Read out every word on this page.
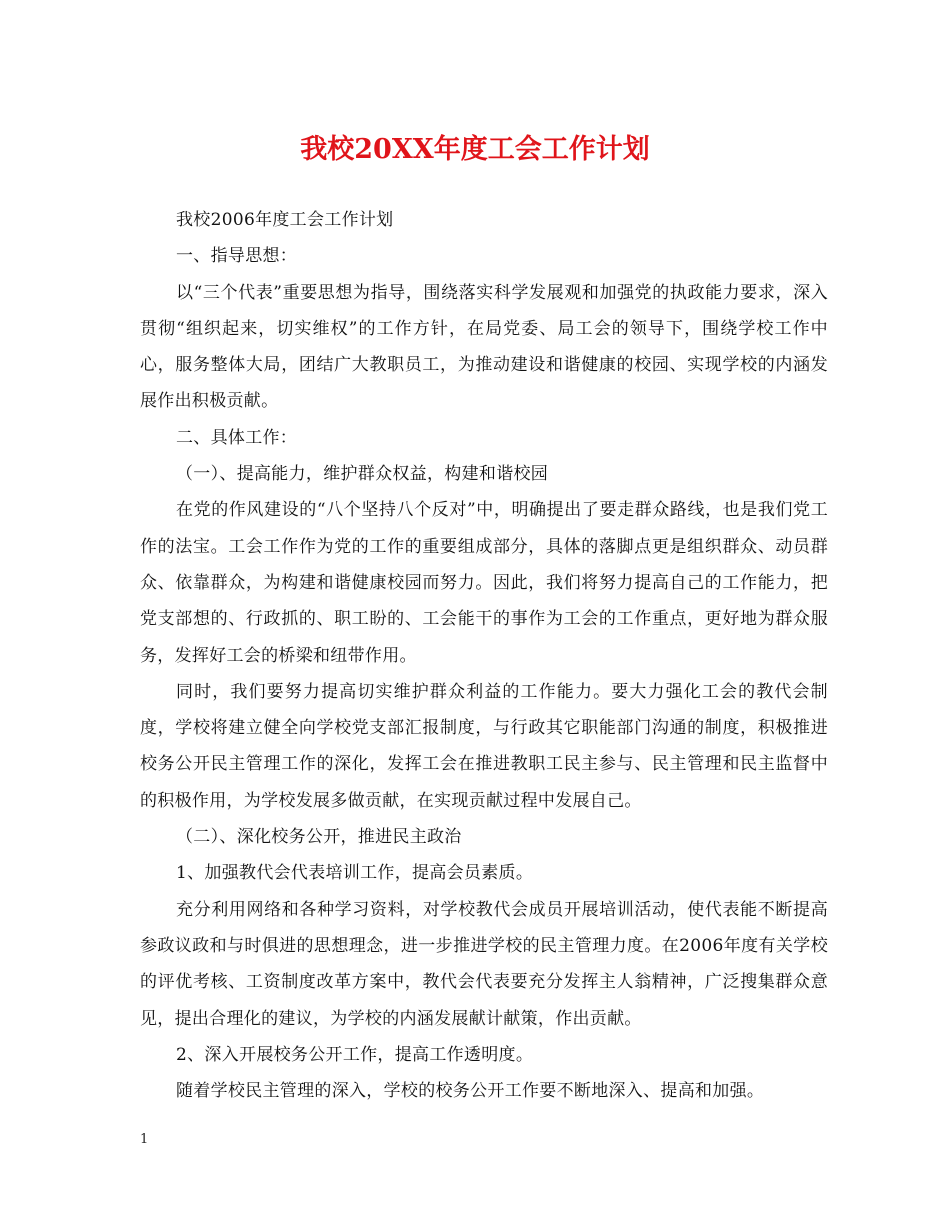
我校20XX年度工会工作计划

我校2006年度工会工作计划

一、指导思想：

以“三个代表”重要思想为指导，围绕落实科学发展观和加强党的执政能力要求，深入贯彻“组织起来，切实维权”的工作方针，在局党委、局工会的领导下，围绕学校工作中心，服务整体大局，团结广大教职员工，为推动建设和谐健康的校园、实现学校的内涵发展作出积极贡献。

二、具体工作：

（一）、提高能力，维护群众权益，构建和谐校园

在党的作风建设的“八个坚持八个反对”中，明确提出了要走群众路线，也是我们党工作的法宝。工会工作作为党的工作的重要组成部分，具体的落脚点更是组织群众、动员群众、依靠群众，为构建和谐健康校园而努力。因此，我们将努力提高自己的工作能力，把党支部想的、行政抓的、职工盼的、工会能干的事作为工会的工作重点，更好地为群众服务，发挥好工会的桥梁和纽带作用。

同时，我们要努力提高切实维护群众利益的工作能力。要大力强化工会的教代会制度，学校将建立健全向学校党支部汇报制度，与行政其它职能部门沟通的制度，积极推进校务公开民主管理工作的深化，发挥工会在推进教职工民主参与、民主管理和民主监督中的积极作用，为学校发展多做贡献，在实现贡献过程中发展自己。

（二）、深化校务公开，推进民主政治

1、加强教代会代表培训工作，提高会员素质。

充分利用网络和各种学习资料，对学校教代会成员开展培训活动，使代表能不断提高参政议政和与时俱进的思想理念，进一步推进学校的民主管理力度。在2006年度有关学校的评优考核、工资制度改革方案中，教代会代表要充分发挥主人翁精神，广泛搜集群众意见，提出合理化的建议，为学校的内涵发展献计献策，作出贡献。

2、深入开展校务公开工作，提高工作透明度。

随着学校民主管理的深入，学校的校务公开工作要不断地深入、提高和加强。

1
